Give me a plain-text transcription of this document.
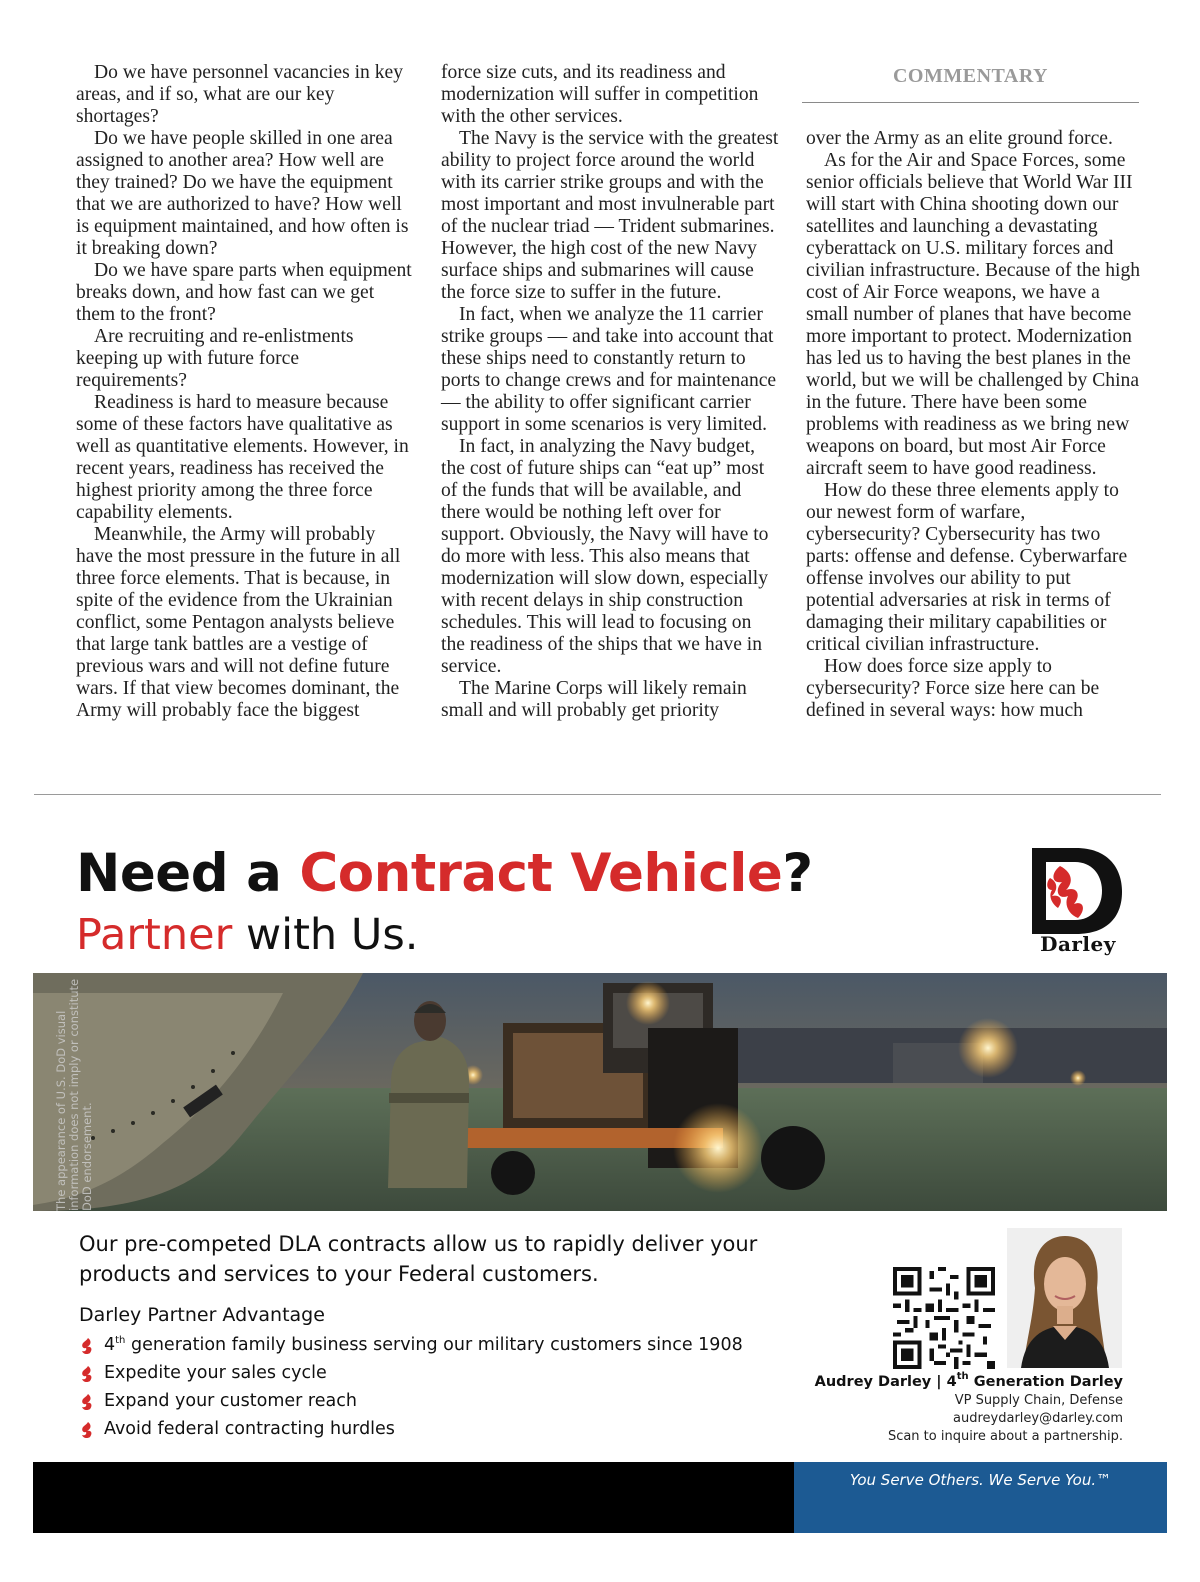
COMMENTARY

Do we have personnel vacancies in key areas, and if so, what are our key shortages?

Do we have people skilled in one area assigned to another area? How well are they trained? Do we have the equipment that we are authorized to have? How well is equipment maintained, and how often is it breaking down?

Do we have spare parts when equipment breaks down, and how fast can we get them to the front?

Are recruiting and re-enlistments keeping up with future force requirements?

Readiness is hard to measure because some of these factors have qualitative as well as quantitative elements. However, in recent years, readiness has received the highest priority among the three force capability elements.

Meanwhile, the Army will probably have the most pressure in the future in all three force elements. That is because, in spite of the evidence from the Ukrainian conflict, some Pentagon analysts believe that large tank battles are a vestige of previous wars and will not define future wars. If that view becomes dominant, the Army will probably face the biggest

force size cuts, and its readiness and modernization will suffer in competition with the other services.

The Navy is the service with the greatest ability to project force around the world with its carrier strike groups and with the most important and most invulnerable part of the nuclear triad — Trident submarines. However, the high cost of the new Navy surface ships and submarines will cause the force size to suffer in the future.

In fact, when we analyze the 11 carrier strike groups — and take into account that these ships need to constantly return to ports to change crews and for maintenance — the ability to offer significant carrier support in some scenarios is very limited.

In fact, in analyzing the Navy budget, the cost of future ships can “eat up” most of the funds that will be available, and there would be nothing left over for support. Obviously, the Navy will have to do more with less. This also means that modernization will slow down, especially with recent delays in ship construction schedules. This will lead to focusing on the readiness of the ships that we have in service.

The Marine Corps will likely remain small and will probably get priority

over the Army as an elite ground force.

As for the Air and Space Forces, some senior officials believe that World War III will start with China shooting down our satellites and launching a devastating cyberattack on U.S. military forces and civilian infrastructure. Because of the high cost of Air Force weapons, we have a small number of planes that have become more important to protect. Modernization has led us to having the best planes in the world, but we will be challenged by China in the future. There have been some problems with readiness as we bring new weapons on board, but most Air Force aircraft seem to have good readiness.

How do these three elements apply to our newest form of warfare, cybersecurity? Cybersecurity has two parts: offense and defense. Cyberwarfare offense involves our ability to put potential adversaries at risk in terms of damaging their military capabilities or critical civilian infrastructure.

How does force size apply to cybersecurity? Force size here can be defined in several ways: how much

Need a Contract Vehicle?
Partner with Us.	Darley
The appearance of U.S. DoD visual information does not imply or constitute DoD endorsement.
Our pre-competed DLA contracts allow us to rapidly deliver your products and services to your Federal customers.
Darley Partner Advantage
4th generation family business serving our military customers since 1908
Expedite your sales cycle
Expand your customer reach
Avoid federal contracting hurdles
Audrey Darley | 4th Generation Darley
VP Supply Chain, Defense
audreydarley@darley.com
Scan to inquire about a partnership.
You Serve Others. We Serve You.™
